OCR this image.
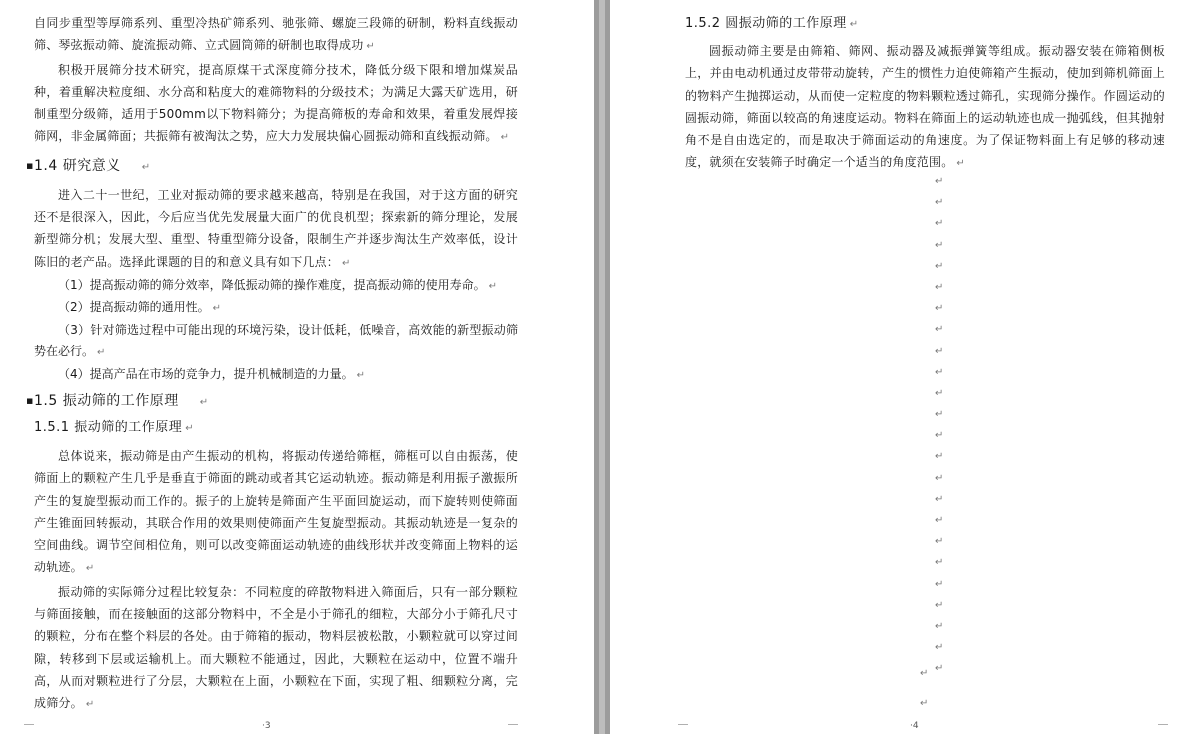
自同步重型等厚筛系列、重型冷热矿筛系列、驰张筛、螺旋三段筛的研制，粉料直线振动筛、琴弦振动筛、旋流振动筛、立式圆筒筛的研制也取得成功 ↵

积极开展筛分技术研究，提高原煤干式深度筛分技术，降低分级下限和增加煤炭品种，着重解决粒度细、水分高和粘度大的难筛物料的分级技术；为满足大露天矿选用，研制重型分级筛，适用于500mm以下物料筛分；为提高筛板的寿命和效果，着重发展焊接筛网，非金属筛面；共振筛有被淘汰之势，应大力发展块偏心圆振动筛和直线振动筛。 ↵

▪ 1.4 研究意义 ↵

进入二十一世纪，工业对振动筛的要求越来越高，特别是在我国，对于这方面的研究还不是很深入，因此，今后应当优先发展量大面广的优良机型；探索新的筛分理论，发展新型筛分机；发展大型、重型、特重型筛分设备，限制生产并逐步淘汰生产效率低，设计陈旧的老产品。选择此课题的目的和意义具有如下几点： ↵

（1）提高振动筛的筛分效率，降低振动筛的操作难度，提高振动筛的使用寿命。 ↵

（2）提高振动筛的通用性。 ↵

（3）针对筛选过程中可能出现的环境污染，设计低耗，低噪音，高效能的新型振动筛势在必行。 ↵

（4）提高产品在市场的竞争力，提升机械制造的力量。 ↵

▪ 1.5 振动筛的工作原理 ↵
1.5.1 振动筛的工作原理 ↵

总体说来，振动筛是由产生振动的机构，将振动传递给筛框，筛框可以自由振荡，使筛面上的颗粒产生几乎是垂直于筛面的跳动或者其它运动轨迹。振动筛是利用振子激振所产生的复旋型振动而工作的。振子的上旋转是筛面产生平面回旋运动，而下旋转则使筛面产生锥面回转振动，其联合作用的效果则使筛面产生复旋型振动。其振动轨迹是一复杂的空间曲线。调节空间相位角，则可以改变筛面运动轨迹的曲线形状并改变筛面上物料的运动轨迹。 ↵

振动筛的实际筛分过程比较复杂：不同粒度的碎散物料进入筛面后，只有一部分颗粒与筛面接触，而在接触面的这部分物料中，不全是小于筛孔的细粒，大部分小于筛孔尺寸的颗粒，分布在整个料层的各处。由于筛箱的振动，物料层被松散，小颗粒就可以穿过间隙，转移到下层或运输机上。而大颗粒不能通过，因此，大颗粒在运动中，位置不端升高，从而对颗粒进行了分层，大颗粒在上面，小颗粒在下面，实现了粗、细颗粒分离，完成筛分。 ↵

·3
1.5.2 圆振动筛的工作原理 ↵

圆振动筛主要是由筛箱、筛网、振动器及减振弹簧等组成。振动器安装在筛箱侧板上，并由电动机通过皮带带动旋转，产生的惯性力迫使筛箱产生振动，使加到筛机筛面上的物料产生抛掷运动，从而使一定粒度的物料颗粒透过筛孔，实现筛分操作。作圆运动的圆振动筛，筛面以较高的角速度运动。物料在筛面上的运动轨迹也成一抛弧线，但其抛射角不是自由选定的，而是取决于筛面运动的角速度。为了保证物料面上有足够的移动速度，就须在安装筛子时确定一个适当的角度范围。 ↵

↵
↵
↵
↵
↵
↵
↵
↵
↵
↵
↵
↵
↵
↵
↵
↵
↵
↵
↵
↵
↵
↵
↵
↵
↵
↵
·4
